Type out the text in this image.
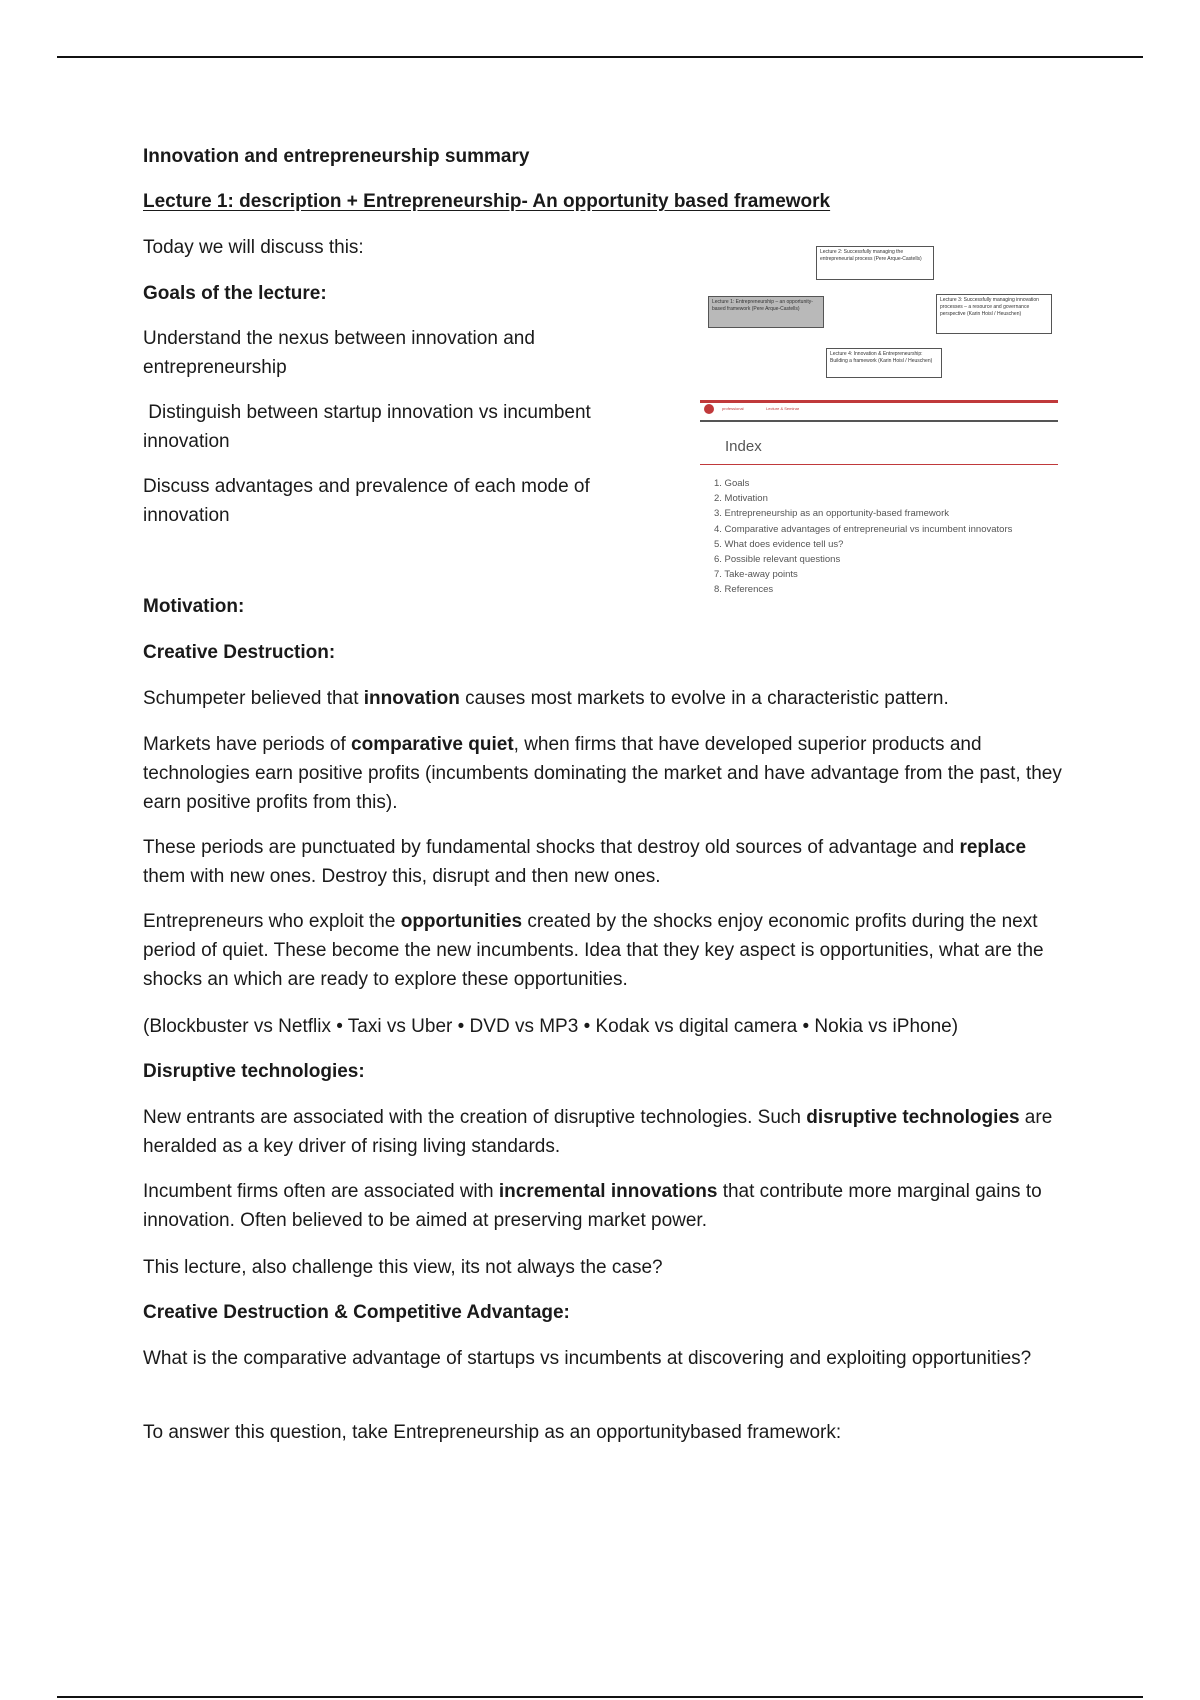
Innovation and entrepreneurship summary

Lecture 1: description + Entrepreneurship- An opportunity based framework

Today we will discuss this:

Goals of the lecture:

Understand the nexus between innovation and entrepreneurship

Distinguish between startup innovation vs incumbent innovation

Discuss advantages and prevalence of each mode of innovation

Motivation:

Creative Destruction:

Schumpeter believed that innovation causes most markets to evolve in a characteristic pattern.

Markets have periods of comparative quiet, when firms that have developed superior products and technologies earn positive profits (incumbents dominating the market and have advantage from the past, they earn positive profits from this).

These periods are punctuated by fundamental shocks that destroy old sources of advantage and replace them with new ones. Destroy this, disrupt and then new ones.

Entrepreneurs who exploit the opportunities created by the shocks enjoy economic profits during the next period of quiet. These become the new incumbents. Idea that they key aspect is opportunities, what are the shocks an which are ready to explore these opportunities.

(Blockbuster vs Netflix • Taxi vs Uber • DVD vs MP3 • Kodak vs digital camera • Nokia vs iPhone)

Disruptive technologies:

New entrants are associated with the creation of disruptive technologies. Such disruptive technologies are heralded as a key driver of rising living standards.

Incumbent firms often are associated with incremental innovations that contribute more marginal gains to innovation. Often believed to be aimed at preserving market power.

This lecture, also challenge this view, its not always the case?

Creative Destruction & Competitive Advantage:

What is the comparative advantage of startups vs incumbents at discovering and exploiting opportunities?

To answer this question, take Entrepreneurship as an opportunitybased framework:

Lecture 2: Successfully managing the entrepreneurial process (Pere Arque-Castells)
Lecture 1: Entrepreneurship – an opportunity-based framework (Pere Arque-Castells)
Lecture 3: Successfully managing innovation processes – a resource and governance perspective (Karin Hoisl / Heuschen)
Lecture 4: Innovation & Entrepreneurship: Building a framework (Karin Hoisl / Heuschen)
professional	Lecture & Seminar
Index
1. Goals
2. Motivation
3. Entrepreneurship as an opportunity-based framework
4. Comparative advantages of entrepreneurial vs incumbent innovators
5. What does evidence tell us?
6. Possible relevant questions
7. Take-away points
8. References
